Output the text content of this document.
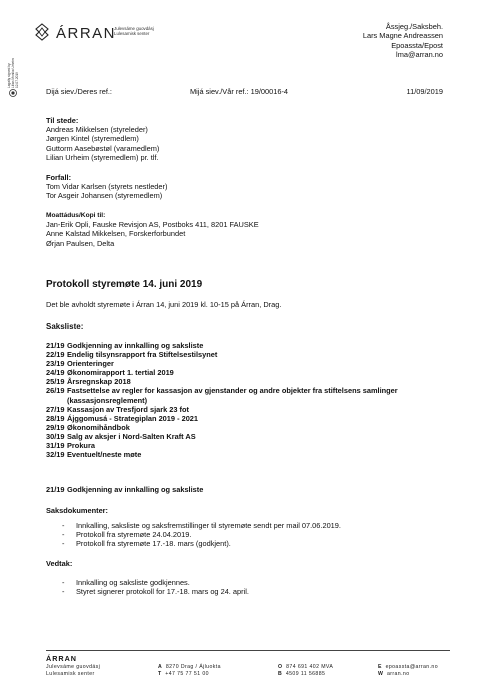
Lagally signed by Lilian Monika Urheim 12.07.2019
ÁRRAN
Julevsáme guovdásj
Lulesamisk senter
Åssjeg./Saksbeh.
Lars Magne Andreassen
Epoassta/Epost
lma@arran.no
Dijá siev./Deres ref.:	Mijá siev./Vår ref.: 19/00016-4	11/09/2019
Til stede:
Andreas Mikkelsen (styreleder)
Jørgen Kintel (styremedlem)
Guttorm Aasebøstøl (varamedlem)
Lilian Urheim (styremedlem) pr. tlf.
Forfall:
Tom Vidar Karlsen (styrets nestleder)
Tor Asgeir Johansen (styremedlem)
Moattádus/Kopi til:
Jan-Erik Opli, Fauske Revisjon AS, Postboks 411, 8201 FAUSKE
Anne Kalstad Mikkelsen, Forskerforbundet
Ørjan Paulsen, Delta
Protokoll styremøte 14. juni 2019
Det ble avholdt styremøte i Árran 14, juni 2019 kl. 10-15 på Árran, Drag.
Saksliste:
21/19 Godkjenning av innkalling og saksliste
22/19 Endelig tilsynsrapport fra Stiftelsestilsynet
23/19 Orienteringer
24/19 Økonomirapport 1. tertial 2019
25/19 Årsregnskap 2018
26/19 Fastsettelse av regler for kassasjon av gjenstander og andre objekter fra stiftelsens samlinger (kassasjonsreglement)
27/19 Kassasjon av Tresfjord sjark 23 fot
28/19 Ájggomusá - Strategiplan 2019 - 2021
29/19 Økonomihåndbok
30/19 Salg av aksjer i Nord-Salten Kraft AS
31/19 Prokura
32/19 Eventuelt/neste møte
21/19 Godkjenning av innkalling og saksliste
Saksdokumenter:
-	Innkalling, saksliste og saksfremstillinger til styremøte sendt per mail 07.06.2019.
-	Protokoll fra styremøte 24.04.2019.
-	Protokoll fra styremøte 17.-18. mars (godkjent).
Vedtak:
-	Innkalling og saksliste godkjennes.
-	Styret signerer protokoll for 17.-18. mars og 24. april.
ÁRRAN
Julevsáme guovdásj
Lulesamisk senter
A 8270 Drag / Ájluokta
T +47 75 77 51 00
O 874 691 402 MVA
B 4509 11 56885
E epoassta@arran.no
W arran.no
